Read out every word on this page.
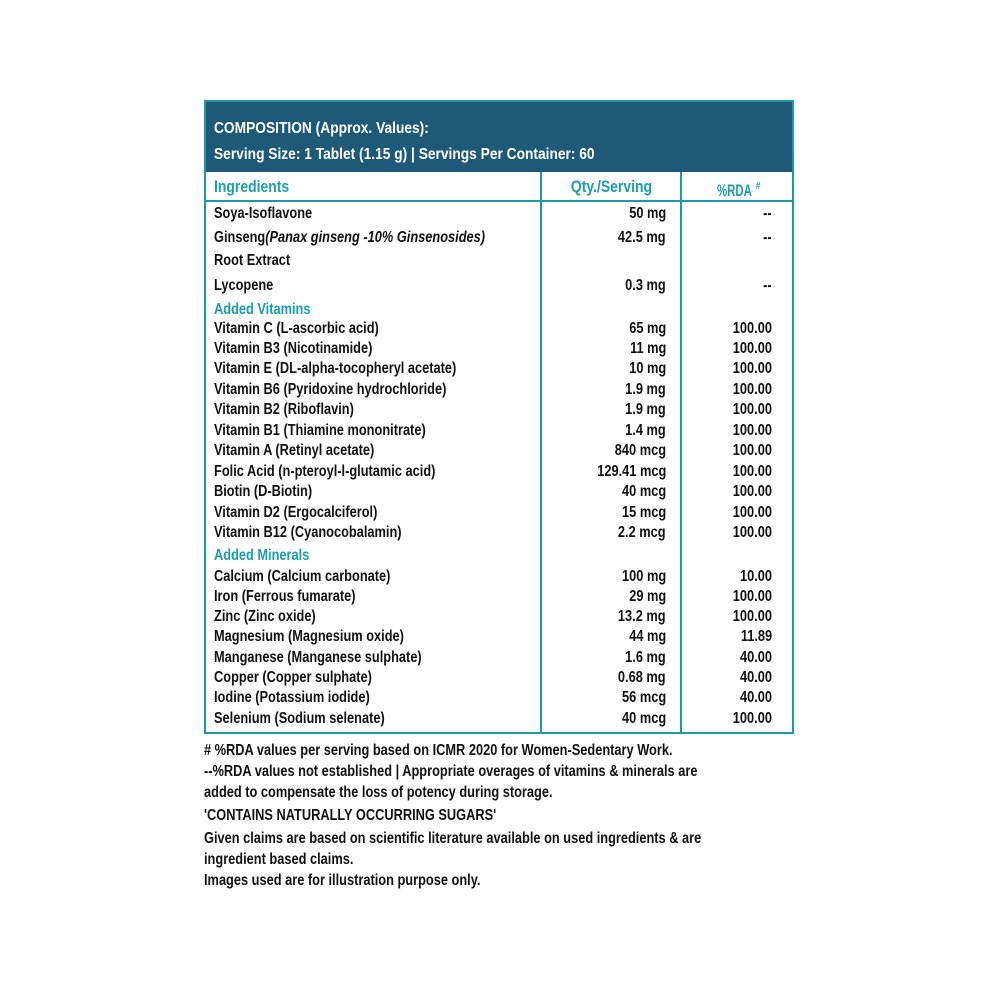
COMPOSITION (Approx. Values):
Serving Size: 1 Tablet (1.15 g) | Servings Per Container: 60
Ingredients	Qty./Serving	%RDA #
Soya-Isoflavone	50 mg	--
Ginseng(Panax ginseng -10% Ginsenosides)	42.5 mg	--
Root Extract
Lycopene	0.3 mg	--
Added Vitamins
Vitamin C (L-ascorbic acid)	65 mg	100.00
Vitamin B3 (Nicotinamide)	11 mg	100.00
Vitamin E (DL-alpha-tocopheryl acetate)	10 mg	100.00
Vitamin B6 (Pyridoxine hydrochloride)	1.9 mg	100.00
Vitamin B2 (Riboflavin)	1.9 mg	100.00
Vitamin B1 (Thiamine mononitrate)	1.4 mg	100.00
Vitamin A (Retinyl acetate)	840 mcg	100.00
Folic Acid (n-pteroyl-l-glutamic acid)	129.41 mcg	100.00
Biotin (D-Biotin)	40 mcg	100.00
Vitamin D2 (Ergocalciferol)	15 mcg	100.00
Vitamin B12 (Cyanocobalamin)	2.2 mcg	100.00
Added Minerals
Calcium (Calcium carbonate)	100 mg	10.00
Iron (Ferrous fumarate)	29 mg	100.00
Zinc (Zinc oxide)	13.2 mg	100.00
Magnesium (Magnesium oxide)	44 mg	11.89
Manganese (Manganese sulphate)	1.6 mg	40.00
Copper (Copper sulphate)	0.68 mg	40.00
Iodine (Potassium iodide)	56 mcg	40.00
Selenium (Sodium selenate)	40 mcg	100.00
# %RDA values per serving based on ICMR 2020 for Women-Sedentary Work.
--%RDA values not established | Appropriate overages of vitamins & minerals are
added to compensate the loss of potency during storage.
'CONTAINS NATURALLY OCCURRING SUGARS'
Given claims are based on scientific literature available on used ingredients & are
ingredient based claims.
Images used are for illustration purpose only.
